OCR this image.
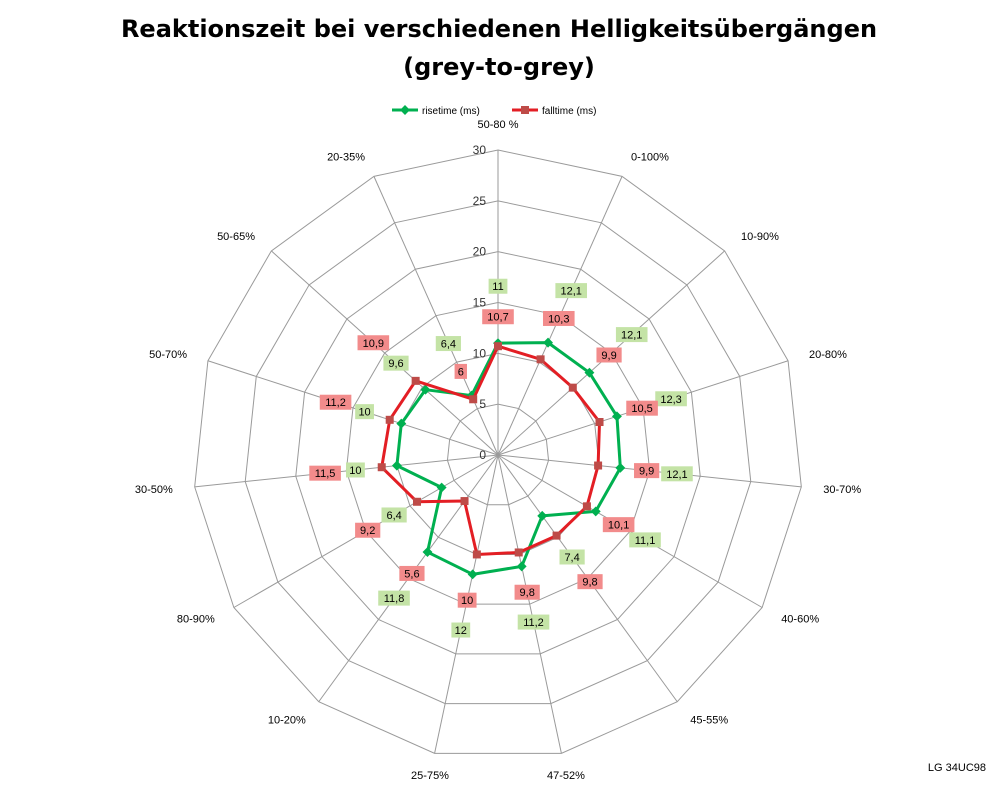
Reaktionszeit bei verschiedenen Helligkeitsübergängen
(grey-to-grey)
risetime (ms)	falltime (ms)
0
5
10
15
20
25
30
50-80 %
0-100%
10-90%
20-80%
30-70%
40-60%
45-55%
47-52%
25-75%
10-20%
80-90%
30-50%
50-70%
50-65%
20-35%
11	12,1
12,1
12,3
12,1
11,1
7,4
11,2
12
11,8
6,4
10
10
9,6
6,4
10,7	10,3
9,9
10,5
9,9
10,1
9,8
9,8
10
5,6
9,2
11,5
11,2
10,9
6
LG 34UC98
